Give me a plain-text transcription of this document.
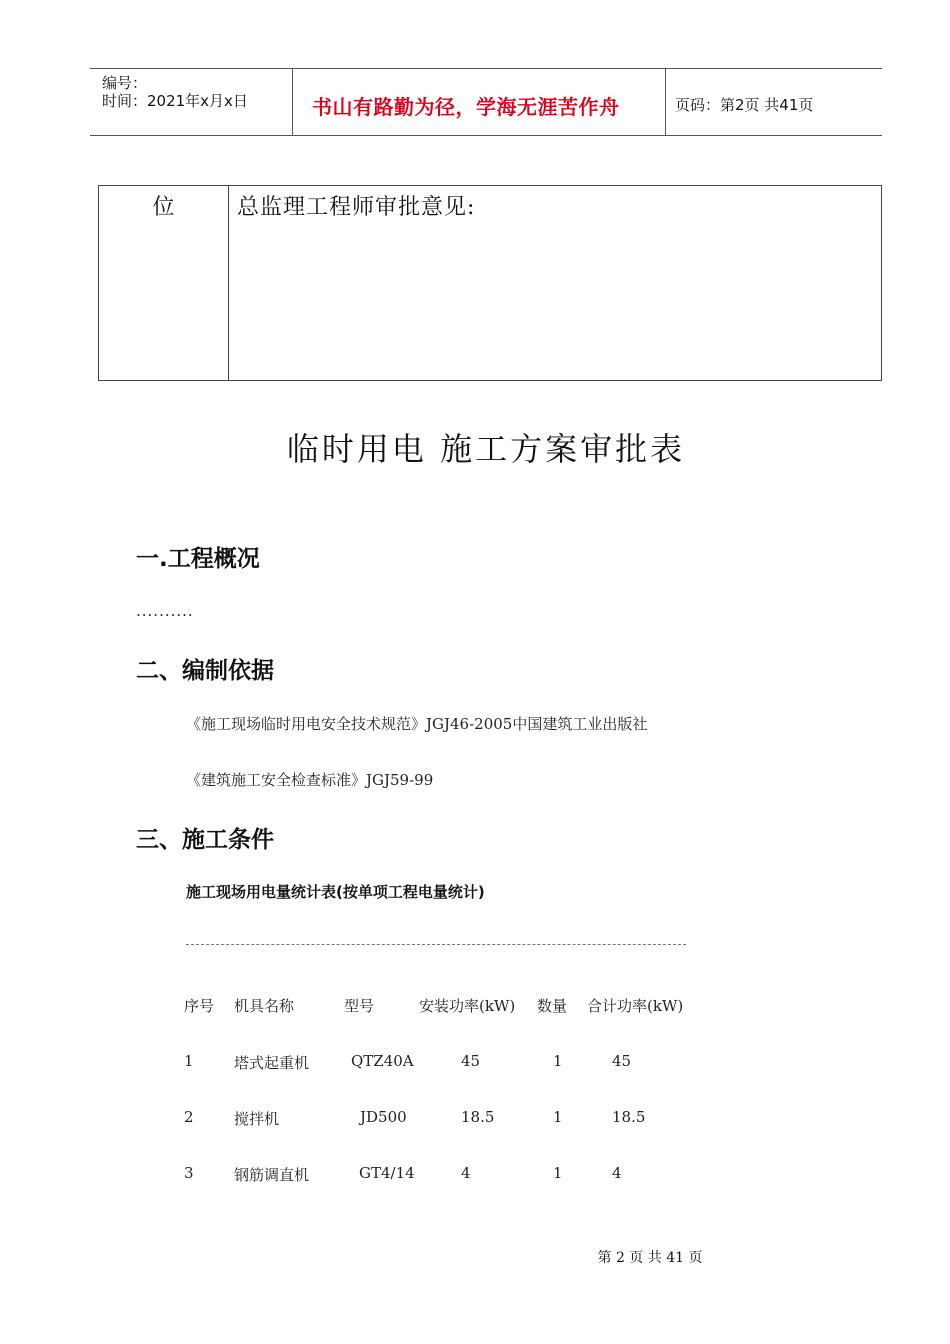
编号：
时间：2021年x月x日	书山有路勤为径，学海无涯苦作舟	页码：第2页 共41页
位	总监理工程师审批意见:
临时用电 施工方案审批表
一.工程概况
..........
二、编制依据
《施工现场临时用电安全技术规范》JGJ46-2005中国建筑工业出版社
《建筑施工安全检查标准》JGJ59-99
三、施工条件
施工现场用电量统计表(按单项工程电量统计)
序号 机具名称	型号	安装功率(kW) 数量 合计功率(kW)
1	塔式起重机	QTZ40A	45	1	45
2	搅拌机	JD500	18.5	1	18.5
3	钢筋调直机	GT4/14	4	1	4
第 2 页 共 41 页
